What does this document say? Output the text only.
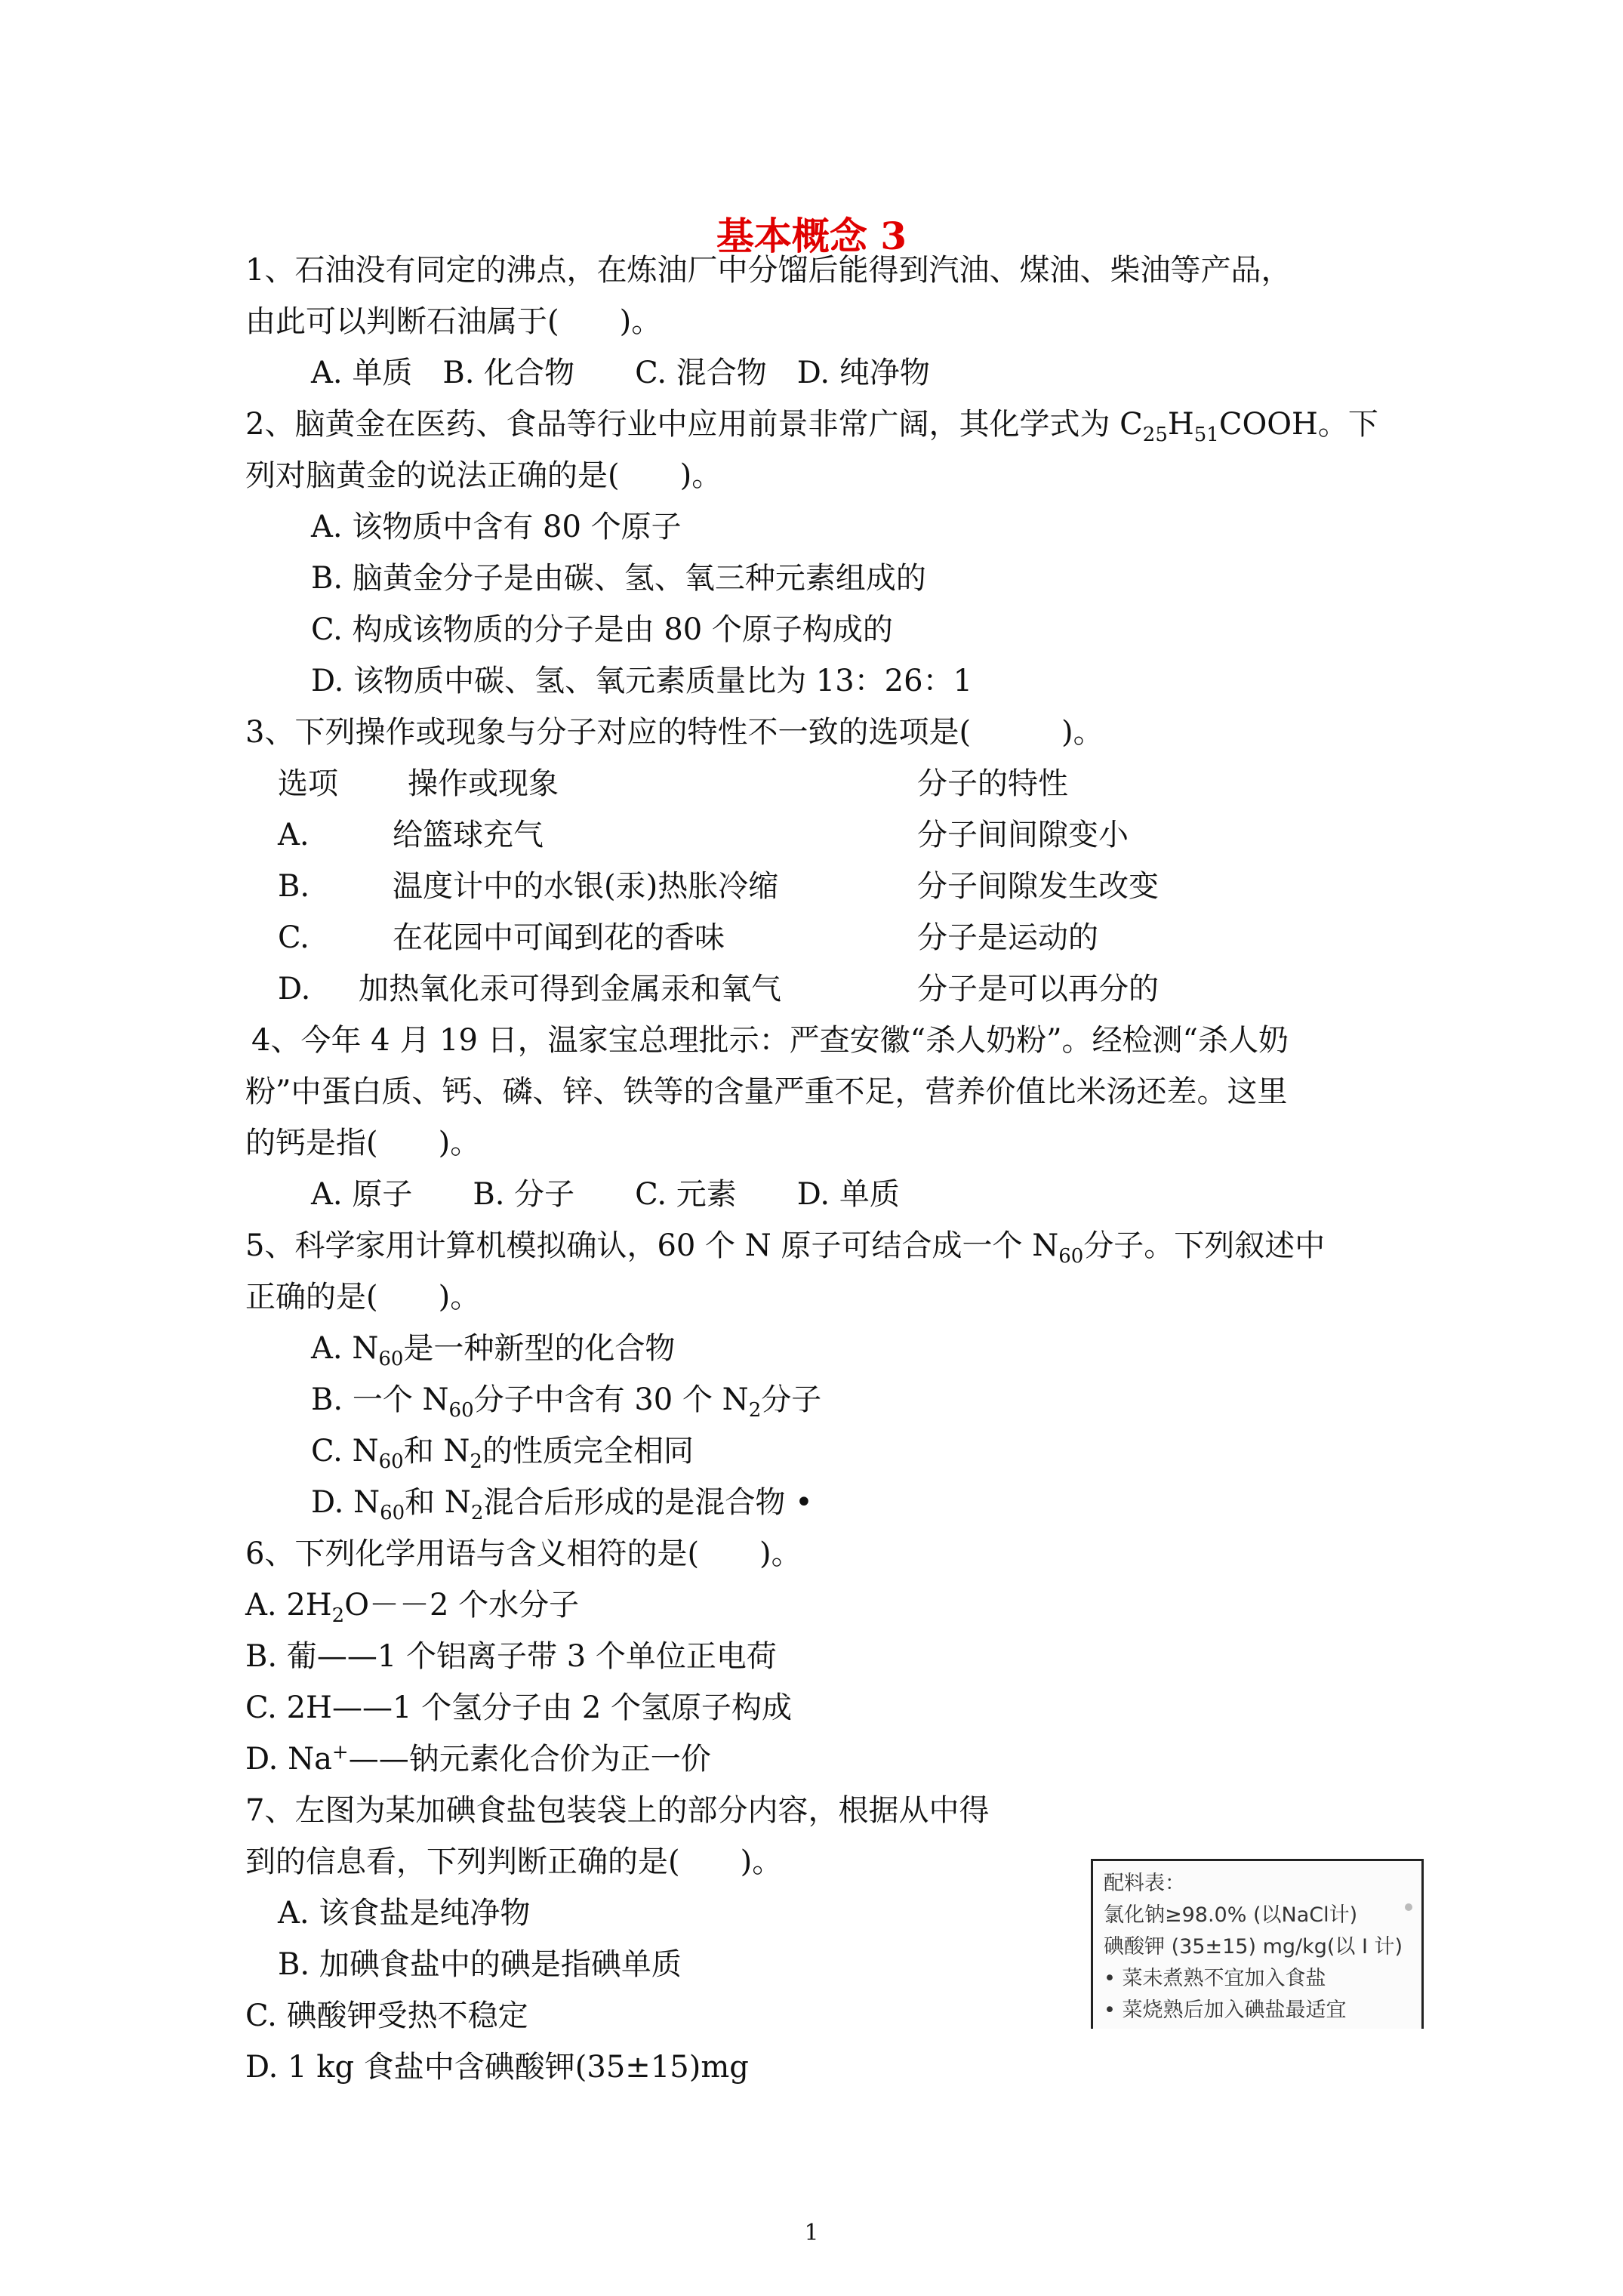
基本概念 3
1、石油没有同定的沸点，在炼油厂中分馏后能得到汽油、煤油、柴油等产品，
由此可以判断石油属于(　　)。
A. 单质　B. 化合物　　C. 混合物　D. 纯净物
2、脑黄金在医药、食品等行业中应用前景非常广阔，其化学式为 $C_{25}H_{51}COOH$。下
列对脑黄金的说法正确的是(　　)。
A. 该物质中含有 80 个原子
B. 脑黄金分子是由碳、氢、氧三种元素组成的
C. 构成该物质的分子是由 80 个原子构成的
D. 该物质中碳、氢、氧元素质量比为 13：26：1
3、下列操作或现象与分子对应的特性不一致的选项是(　　　)。
选项 操作或现象	分子的特性
A.	给篮球充气	分子间间隙变小
B.	温度计中的水银(汞)热胀冷缩	分子间隙发生改变
C.	在花园中可闻到花的香味	分子是运动的
D. 加热氧化汞可得到金属汞和氧气	分子是可以再分的
4、今年 4 月 19 日，温家宝总理批示：严查安徽“杀人奶粉”。经检测“杀人奶
粉”中蛋白质、钙、磷、锌、铁等的含量严重不足，营养价值比米汤还差。这里
的钙是指(　　)。
A. 原子　　B. 分子　　C. 元素　　D. 单质
5、科学家用计算机模拟确认，60 个 N 原子可结合成一个 $N_{60}$分子。下列叙述中
正确的是(　　)。
A. $N_{60}$是一种新型的化合物
B. 一个 $N_{60}$分子中含有 30 个 $N_2$分子
C. $N_{60}$和 $N_2$的性质完全相同
D. $N_{60}$和 $N_2$混合后形成的是混合物 •
6、下列化学用语与含义相符的是(　　)。
A. $2H_2O--2$ 个水分子
B. 葡——1 个铝离子带 3 个单位正电荷
C. 2H——1 个氢分子由 2 个氢原子构成
D. Na+——钠元素化合价为正一价
7、左图为某加碘食盐包装袋上的部分内容，根据从中得
到的信息看，下列判断正确的是(　　)。
A. 该食盐是纯净物
B. 加碘食盐中的碘是指碘单质
C. 碘酸钾受热不稳定
D. 1 kg 食盐中含碘酸钾(35±15)mg
配料表：
氯化钠≥98.0% (以NaCl计)
碘酸钾 (35±15) mg/kg(以 I 计)
• 菜未煮熟不宜加入食盐
• 菜烧熟后加入碘盐最适宜
1
